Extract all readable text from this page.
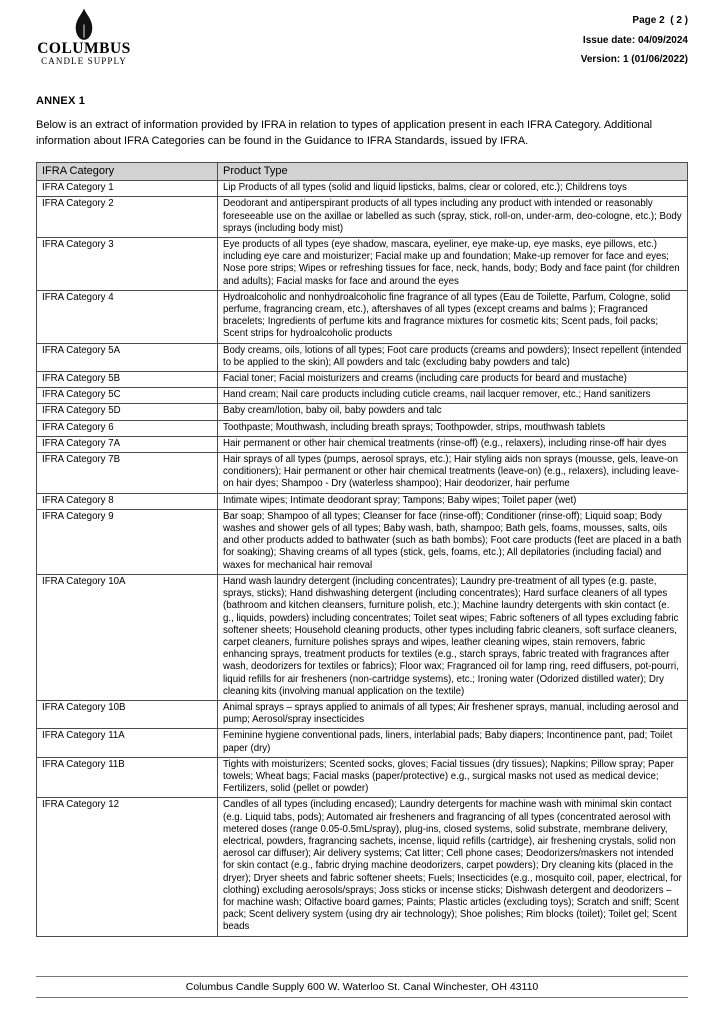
COLUMBUS
CANDLE SUPPLY
Page 2  ( 2 )
Issue date: 04/09/2024
Version: 1 (01/06/2022)
ANNEX 1
Below is an extract of information provided by IFRA in relation to types of application present in each IFRA Category. Additional information about IFRA Categories can be found in the Guidance to IFRA Standards, issued by IFRA.
IFRA Category	Product Type
IFRA Category 1	Lip Products of all types (solid and liquid lipsticks, balms, clear or colored, etc.); Childrens toys
IFRA Category 2	Deodorant and antiperspirant products of all types including any product with intended or reasonably foreseeable use on the axillae or labelled as such (spray, stick, roll-on, under-arm, deo-cologne, etc.); Body sprays (including body mist)
IFRA Category 3	Eye products of all types (eye shadow, mascara, eyeliner, eye make-up, eye masks, eye pillows, etc.) including eye care and moisturizer; Facial make up and foundation; Make-up remover for face and eyes; Nose pore strips; Wipes or refreshing tissues for face, neck, hands, body; Body and face paint (for children and adults); Facial masks for face and around the eyes
IFRA Category 4	Hydroalcoholic and nonhydroalcoholic fine fragrance of all types (Eau de Toilette, Parfum, Cologne, solid perfume, fragrancing cream, etc.), aftershaves of all types (except creams and balms ); Fragranced bracelets; Ingredients of perfume kits and fragrance mixtures for cosmetic kits; Scent pads, foil packs; Scent strips for hydroalcoholic products
IFRA Category 5A	Body creams, oils, lotions of all types; Foot care products (creams and powders); Insect repellent (intended to be applied to the skin); All powders and talc (excluding baby powders and talc)
IFRA Category 5B	Facial toner; Facial moisturizers and creams (including care products for beard and mustache)
IFRA Category 5C	Hand cream; Nail care products including cuticle creams, nail lacquer remover, etc.; Hand sanitizers
IFRA Category 5D	Baby cream/lotion, baby oil, baby powders and talc
IFRA Category 6	Toothpaste; Mouthwash, including breath sprays; Toothpowder, strips, mouthwash tablets
IFRA Category 7A	Hair permanent or other hair chemical treatments (rinse-off) (e.g., relaxers), including rinse-off hair dyes
IFRA Category 7B	Hair sprays of all types (pumps, aerosol sprays, etc.); Hair styling aids non sprays (mousse, gels, leave-on conditioners); Hair permanent or other hair chemical treatments (leave-on) (e.g., relaxers), including leave-on hair dyes; Shampoo - Dry (waterless shampoo); Hair deodorizer, hair perfume
IFRA Category 8	Intimate wipes; Intimate deodorant spray; Tampons; Baby wipes; Toilet paper (wet)
IFRA Category 9	Bar soap; Shampoo of all types; Cleanser for face (rinse-off); Conditioner (rinse-off); Liquid soap; Body washes and shower gels of all types; Baby wash, bath, shampoo; Bath gels, foams, mousses, salts, oils and other products added to bathwater (such as bath bombs); Foot care products (feet are placed in a bath for soaking); Shaving creams of all types (stick, gels, foams, etc.); All depilatories (including facial) and waxes for mechanical hair removal
IFRA Category 10A	Hand wash laundry detergent (including concentrates); Laundry pre-treatment of all types (e.g. paste, sprays, sticks); Hand dishwashing detergent (including concentrates); Hard surface cleaners of all types (bathroom and kitchen cleansers, furniture polish, etc.); Machine laundry detergents with skin contact (e. g., liquids, powders) including concentrates; Toilet seat wipes; Fabric softeners of all types excluding fabric softener sheets; Household cleaning products, other types including fabric cleaners, soft surface cleaners, carpet cleaners, furniture polishes sprays and wipes, leather cleaning wipes, stain removers, fabric enhancing sprays, treatment products for textiles (e.g., starch sprays, fabric treated with fragrances after wash, deodorizers for textiles or fabrics); Floor wax; Fragranced oil for lamp ring, reed diffusers, pot-pourri, liquid refills for air fresheners (non-cartridge systems), etc.; Ironing water (Odorized distilled water); Dry cleaning kits (involving manual application on the textile)
IFRA Category 10B	Animal sprays – sprays applied to animals of all types; Air freshener sprays, manual, including aerosol and pump; Aerosol/spray insecticides
IFRA Category 11A	Feminine hygiene conventional pads, liners, interlabial pads; Baby diapers; Incontinence pant, pad; Toilet paper (dry)
IFRA Category 11B	Tights with moisturizers; Scented socks, gloves; Facial tissues (dry tissues); Napkins; Pillow spray; Paper towels; Wheat bags; Facial masks (paper/protective) e.g., surgical masks not used as medical device; Fertilizers, solid (pellet or powder)
IFRA Category 12	Candles of all types (including encased); Laundry detergents for machine wash with minimal skin contact (e.g. Liquid tabs, pods); Automated air fresheners and fragrancing of all types (concentrated aerosol with metered doses (range 0.05-0.5mL/spray), plug-ins, closed systems, solid substrate, membrane delivery, electrical, powders, fragrancing sachets, incense, liquid refills (cartridge), air freshening crystals, solid non aerosol car diffuser); Air delivery systems; Cat litter; Cell phone cases; Deodorizers/maskers not intended for skin contact (e.g., fabric drying machine deodorizers, carpet powders); Dry cleaning kits (placed in the dryer); Dryer sheets and fabric softener sheets; Fuels; Insecticides (e.g., mosquito coil, paper, electrical, for clothing) excluding aerosols/sprays; Joss sticks or incense sticks; Dishwash detergent and deodorizers – for machine wash; Olfactive board games; Paints; Plastic articles (excluding toys); Scratch and sniff; Scent pack; Scent delivery system (using dry air technology); Shoe polishes; Rim blocks (toilet); Toilet gel; Scent beads
Columbus Candle Supply 600 W. Waterloo St. Canal Winchester, OH 43110
